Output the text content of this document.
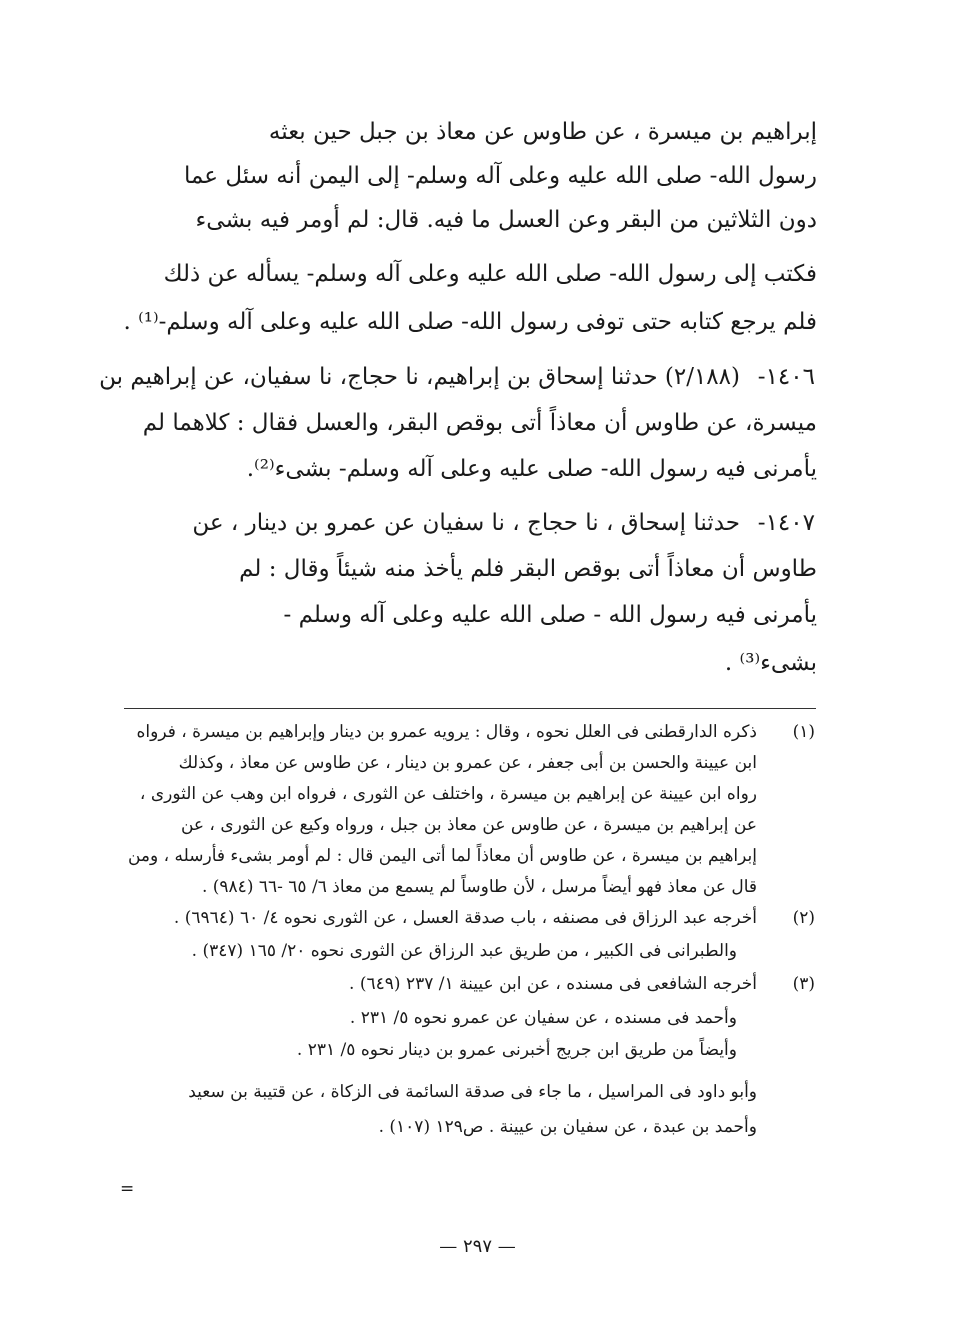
إبراهيم بن ميسرة ، عن طاوس عن معاذ بن جبل حين بعثه
رسول الله- صلى الله عليه وعلى آله وسلم- إلى اليمن أنه سئل عما
دون الثلاثين من البقر وعن العسل ما فيه. قال: لم أومر فيه بشىء
فكتب إلى رسول الله- صلى الله عليه وعلى آله وسلم- يسأله عن ذلك
فلم يرجع كتابه حتى توفى رسول الله- صلى الله عليه وعلى آله وسلم-⁽¹⁾ .
١٤٠٦-
(٢/١٨٨) حدثنا إسحاق بن إبراهيم، نا حجاج، نا سفيان، عن إبراهيم بن
ميسرة، عن طاوس أن معاذاً أتى بوقص البقر، والعسل فقال : كلاهما لم
يأمرنى فيه رسول الله- صلى عليه وعلى آله وسلم- بشىء⁽²⁾.
١٤٠٧-
حدثنا إسحاق ، نا حجاج ، نا سفيان عن عمرو بن دينار ، عن
طاوس أن معاذاً أتى بوقص البقر فلم يأخذ منه شيئاً وقال : لم
يأمرنى فيه رسول الله - صلى الله عليه وعلى آله وسلم -
بشىء⁽³⁾ .
(١)
ذكره الدارقطنى فى العلل نحوه ، وقال : يرويه عمرو بن دينار وإبراهيم بن ميسرة ، فرواه
ابن عيينة والحسن بن أبى جعفر ، عن عمرو بن دينار ، عن طاوس عن معاذ ، وكذلك
رواه ابن عيينة عن إبراهيم بن ميسرة ، واختلف عن الثورى ، فرواه ابن وهب عن الثورى ،
عن إبراهيم بن ميسرة ، عن طاوس عن معاذ بن جبل ، ورواه وكيع عن الثورى ، عن
إبراهيم بن ميسرة ، عن طاوس أن معاذاً لما أتى اليمن قال : لم أومر بشىء فأرسله ، ومن
قال عن معاذ فهو أيضاً مرسل ، لأن طاوساً لم يسمع من معاذ ٦/ ٦٥ -٦٦ (٩٨٤) .
(٢)
أخرجه عبد الرزاق فى مصنفه ، باب صدقة العسل ، عن الثورى نحوه ٤/ ٦٠ (٦٩٦٤) .
والطبرانى فى الكبير ، من طريق عبد الرزاق عن الثورى نحوه ٢٠/ ١٦٥ (٣٤٧) .
(٣)
أخرجه الشافعى فى مسنده ، عن ابن عيينة ١/ ٢٣٧ (٦٤٩) .
وأحمد فى مسنده ، عن سفيان عن عمرو نحوه ٥/ ٢٣١ .
وأيضاً من طريق ابن جريج أخبرنى عمرو بن دينار نحوه ٥/ ٢٣١ .
وأبو داود فى المراسيل ، ما جاء فى صدقة السائمة فى الزكاة ، عن قتيبة بن سعيد
وأحمد بن عبدة ، عن سفيان بن عيينة . ص١٢٩ (١٠٧) .
=
— ٢٩٧ —
